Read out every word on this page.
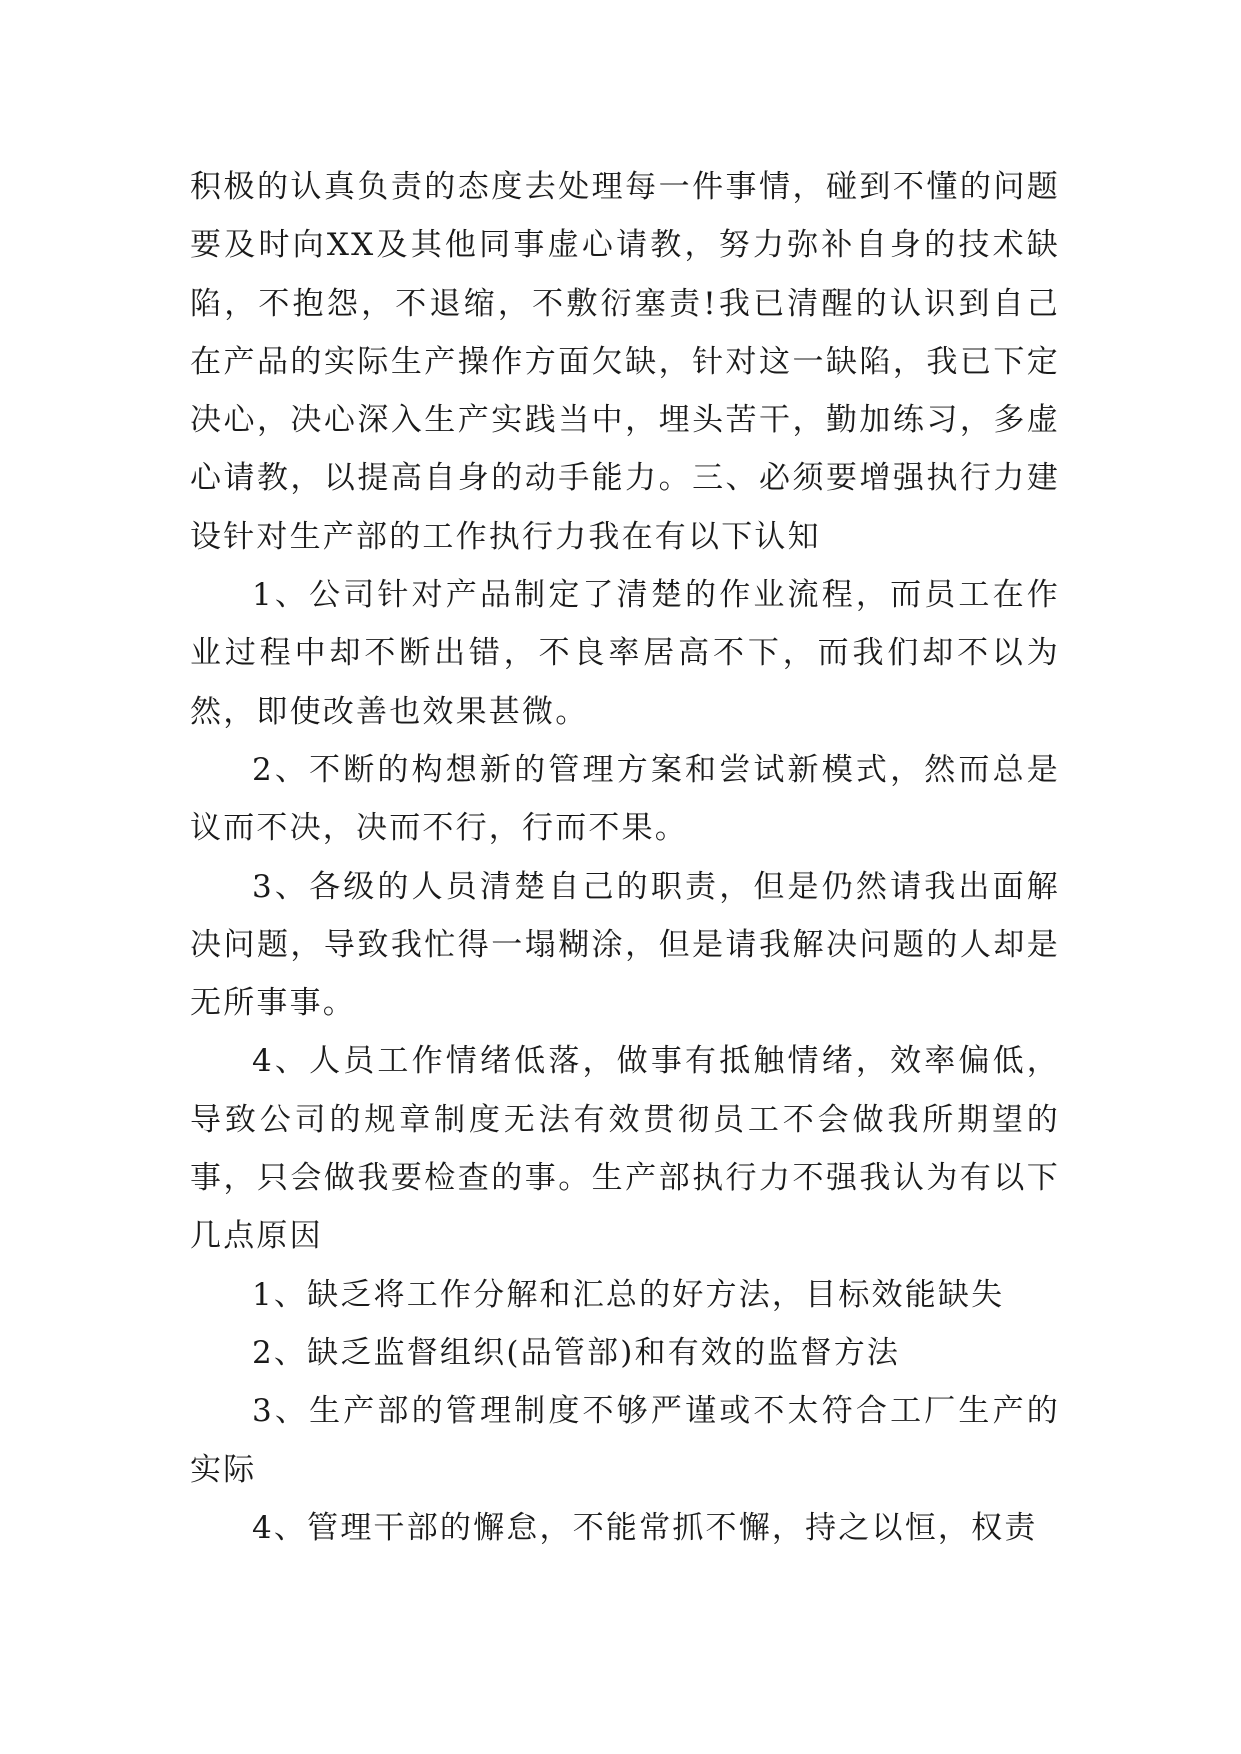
积极的认真负责的态度去处理每一件事情，碰到不懂的问题要及时向XX及其他同事虚心请教，努力弥补自身的技术缺陷，不抱怨，不退缩，不敷衍塞责!我已清醒的认识到自己在产品的实际生产操作方面欠缺，针对这一缺陷，我已下定决心，决心深入生产实践当中，埋头苦干，勤加练习，多虚心请教，以提高自身的动手能力。三、必须要增强执行力建设针对生产部的工作执行力我在有以下认知

1、公司针对产品制定了清楚的作业流程，而员工在作业过程中却不断出错，不良率居高不下，而我们却不以为然，即使改善也效果甚微。

2、不断的构想新的管理方案和尝试新模式，然而总是议而不决，决而不行，行而不果。

3、各级的人员清楚自己的职责，但是仍然请我出面解决问题，导致我忙得一塌糊涂，但是请我解决问题的人却是无所事事。

4、人员工作情绪低落，做事有抵触情绪，效率偏低，导致公司的规章制度无法有效贯彻员工不会做我所期望的事，只会做我要检查的事。生产部执行力不强我认为有以下几点原因

1、缺乏将工作分解和汇总的好方法，目标效能缺失

2、缺乏监督组织(品管部)和有效的监督方法

3、生产部的管理制度不够严谨或不太符合工厂生产的实际

4、管理干部的懈怠，不能常抓不懈，持之以恒，权责
